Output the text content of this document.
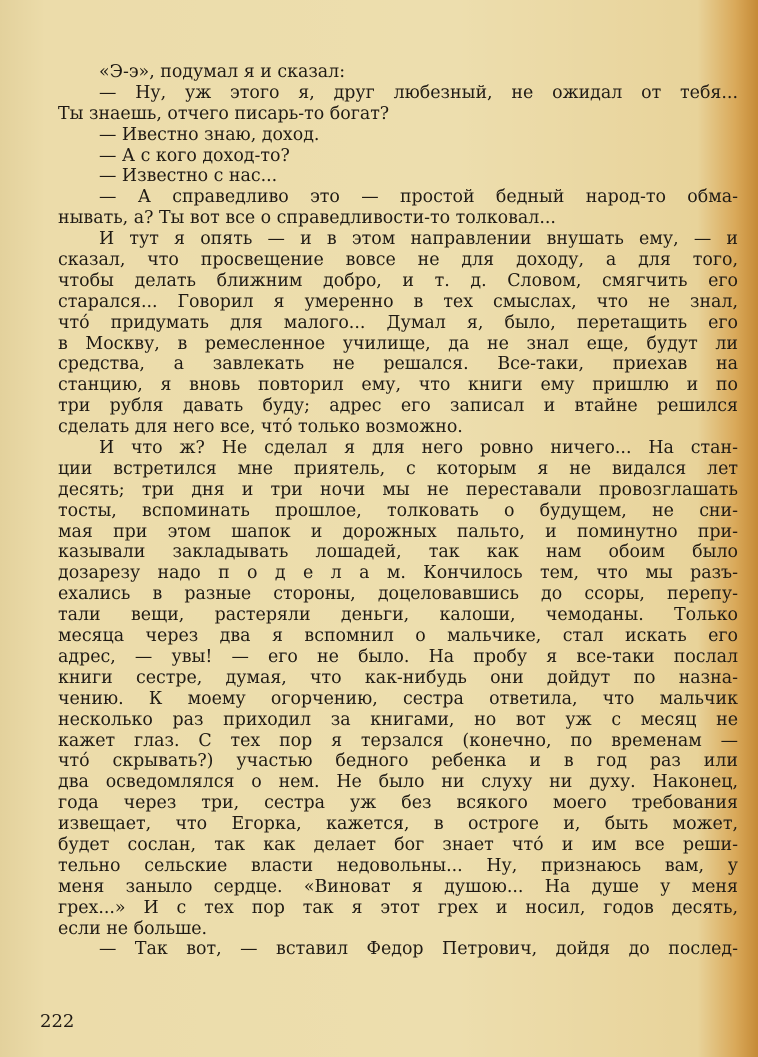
«Э-э», подумал я и сказал:
— Ну, уж этого я, друг любезный, не ожидал от тебя...
Ты знаешь, отчего писарь-то богат?
— Ивестно знаю, доход.
— А с кого доход-то?
— Известно с нас...
— А справедливо это — простой бедный народ-то обма-
нывать, а? Ты вот все о справедливости-то толковал...
И тут я опять — и в этом направлении внушать ему, — и
сказал, что просвещение вовсе не для доходу, а для того,
чтобы делать ближним добро, и т. д. Словом, смягчить его
старался... Говорил я умеренно в тех смыслах, что не знал,
что́ придумать для малого... Думал я, было, перетащить его
в Москву, в ремесленное училище, да не знал еще, будут ли
средства, а завлекать не решался. Все-таки, приехав на
станцию, я вновь повторил ему, что книги ему пришлю и по
три рубля давать буду; адрес его записал и втайне решился
сделать для него все, что́ только возможно.
И что ж? Не сделал я для него ровно ничего... На стан-
ции встретился мне приятель, с которым я не видался лет
десять; три дня и три ночи мы не переставали провозглашать
тосты, вспоминать прошлое, толковать о будущем, не сни-
мая при этом шапок и дорожных пальто, и поминутно при-
казывали закладывать лошадей, так как нам обоим было
дозарезу надо п о д е л а м. Кончилось тем, что мы разъ-
ехались в разные стороны, доцеловавшись до ссоры, перепу-
тали вещи, растеряли деньги, калоши, чемоданы. Только
месяца через два я вспомнил о мальчике, стал искать его
адрес, — увы! — его не было. На пробу я все-таки послал
книги сестре, думая, что как-нибудь они дойдут по назна-
чению. К моему огорчению, сестра ответила, что мальчик
несколько раз приходил за книгами, но вот уж с месяц не
кажет глаз. С тех пор я терзался (конечно, по временам —
что́ скрывать?) участью бедного ребенка и в год раз или
два осведомлялся о нем. Не было ни слуху ни духу. Наконец,
года через три, сестра уж без всякого моего требования
извещает, что Егорка, кажется, в остроге и, быть может,
будет сослан, так как делает бог знает что́ и им все реши-
тельно сельские власти недовольны... Ну, признаюсь вам, у
меня заныло сердце. «Виноват я душою... На душе у меня
грех...» И с тех пор так я этот грех и носил, годов десять,
если не больше.
— Так вот, — вставил Федор Петрович, дойдя до послед-
222
